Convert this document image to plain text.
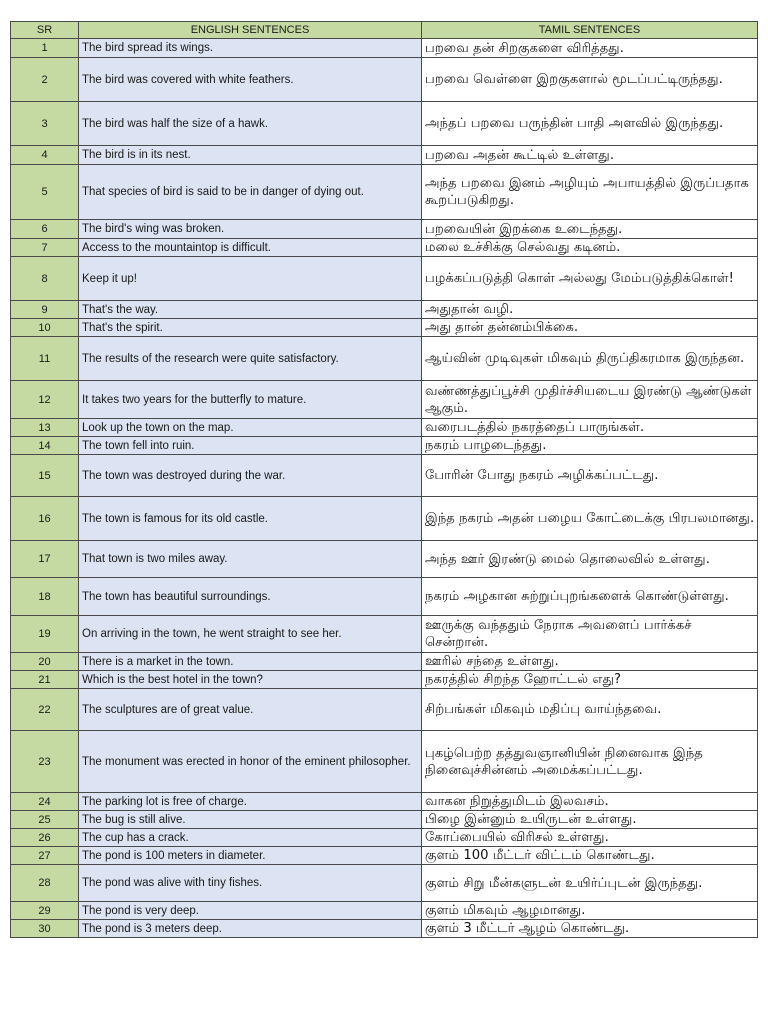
SR	ENGLISH SENTENCES	TAMIL SENTENCES
1	The bird spread its wings.	பறவை தன் சிறகுகளை விரித்தது.
2	The bird was covered with white feathers.	பறவை வெள்ளை இறகுகளால் மூடப்பட்டிருந்தது.
3	The bird was half the size of a hawk.	அந்தப் பறவை பருந்தின் பாதி அளவில் இருந்தது.
4	The bird is in its nest.	பறவை அதன் கூட்டில் உள்ளது.
5	That species of bird is said to be in danger of dying out.	அந்த பறவை இனம் அழியும் அபாயத்தில் இருப்பதாக கூறப்படுகிறது.
6	The bird's wing was broken.	பறவையின் இறக்கை உடைந்தது.
7	Access to the mountaintop is difficult.	மலை உச்சிக்கு செல்வது கடினம்.
8	Keep it up!	பழக்கப்படுத்தி கொள் அல்லது மேம்படுத்திக்கொள்!
9	That's the way.	அதுதான் வழி.
10	That's the spirit.	அது தான் தன்னம்பிக்கை.
11	The results of the research were quite satisfactory.	ஆய்வின் முடிவுகள் மிகவும் திருப்திகரமாக இருந்தன.
12	It takes two years for the butterfly to mature.	வண்ணத்துப்பூச்சி முதிர்ச்சியடைய இரண்டு ஆண்டுகள் ஆகும்.
13	Look up the town on the map.	வரைபடத்தில் நகரத்தைப் பாருங்கள்.
14	The town fell into ruin.	நகரம் பாழடைந்தது.
15	The town was destroyed during the war.	போரின் போது நகரம் அழிக்கப்பட்டது.
16	The town is famous for its old castle.	இந்த நகரம் அதன் பழைய கோட்டைக்கு பிரபலமானது.
17	That town is two miles away.	அந்த ஊர் இரண்டு மைல் தொலைவில் உள்ளது.
18	The town has beautiful surroundings.	நகரம் அழகான சுற்றுப்புறங்களைக் கொண்டுள்ளது.
19	On arriving in the town, he went straight to see her.	ஊருக்கு வந்ததும் நேராக அவளைப் பார்க்கச் சென்றான்.
20	There is a market in the town.	ஊரில் சந்தை உள்ளது.
21	Which is the best hotel in the town?	நகரத்தில் சிறந்த ஹோட்டல் எது?
22	The sculptures are of great value.	சிற்பங்கள் மிகவும் மதிப்பு வாய்ந்தவை.
23	The monument was erected in honor of the eminent philosopher.	புகழ்பெற்ற தத்துவஞானியின் நினைவாக இந்த நினைவுச்சின்னம் அமைக்கப்பட்டது.
24	The parking lot is free of charge.	வாகன நிறுத்துமிடம் இலவசம்.
25	The bug is still alive.	பிழை இன்னும் உயிருடன் உள்ளது.
26	The cup has a crack.	கோப்பையில் விரிசல் உள்ளது.
27	The pond is 100 meters in diameter.	குளம் 100 மீட்டர் விட்டம் கொண்டது.
28	The pond was alive with tiny fishes.	குளம் சிறு மீன்களுடன் உயிர்ப்புடன் இருந்தது.
29	The pond is very deep.	குளம் மிகவும் ஆழமானது.
30	The pond is 3 meters deep.	குளம் 3 மீட்டர் ஆழம் கொண்டது.
